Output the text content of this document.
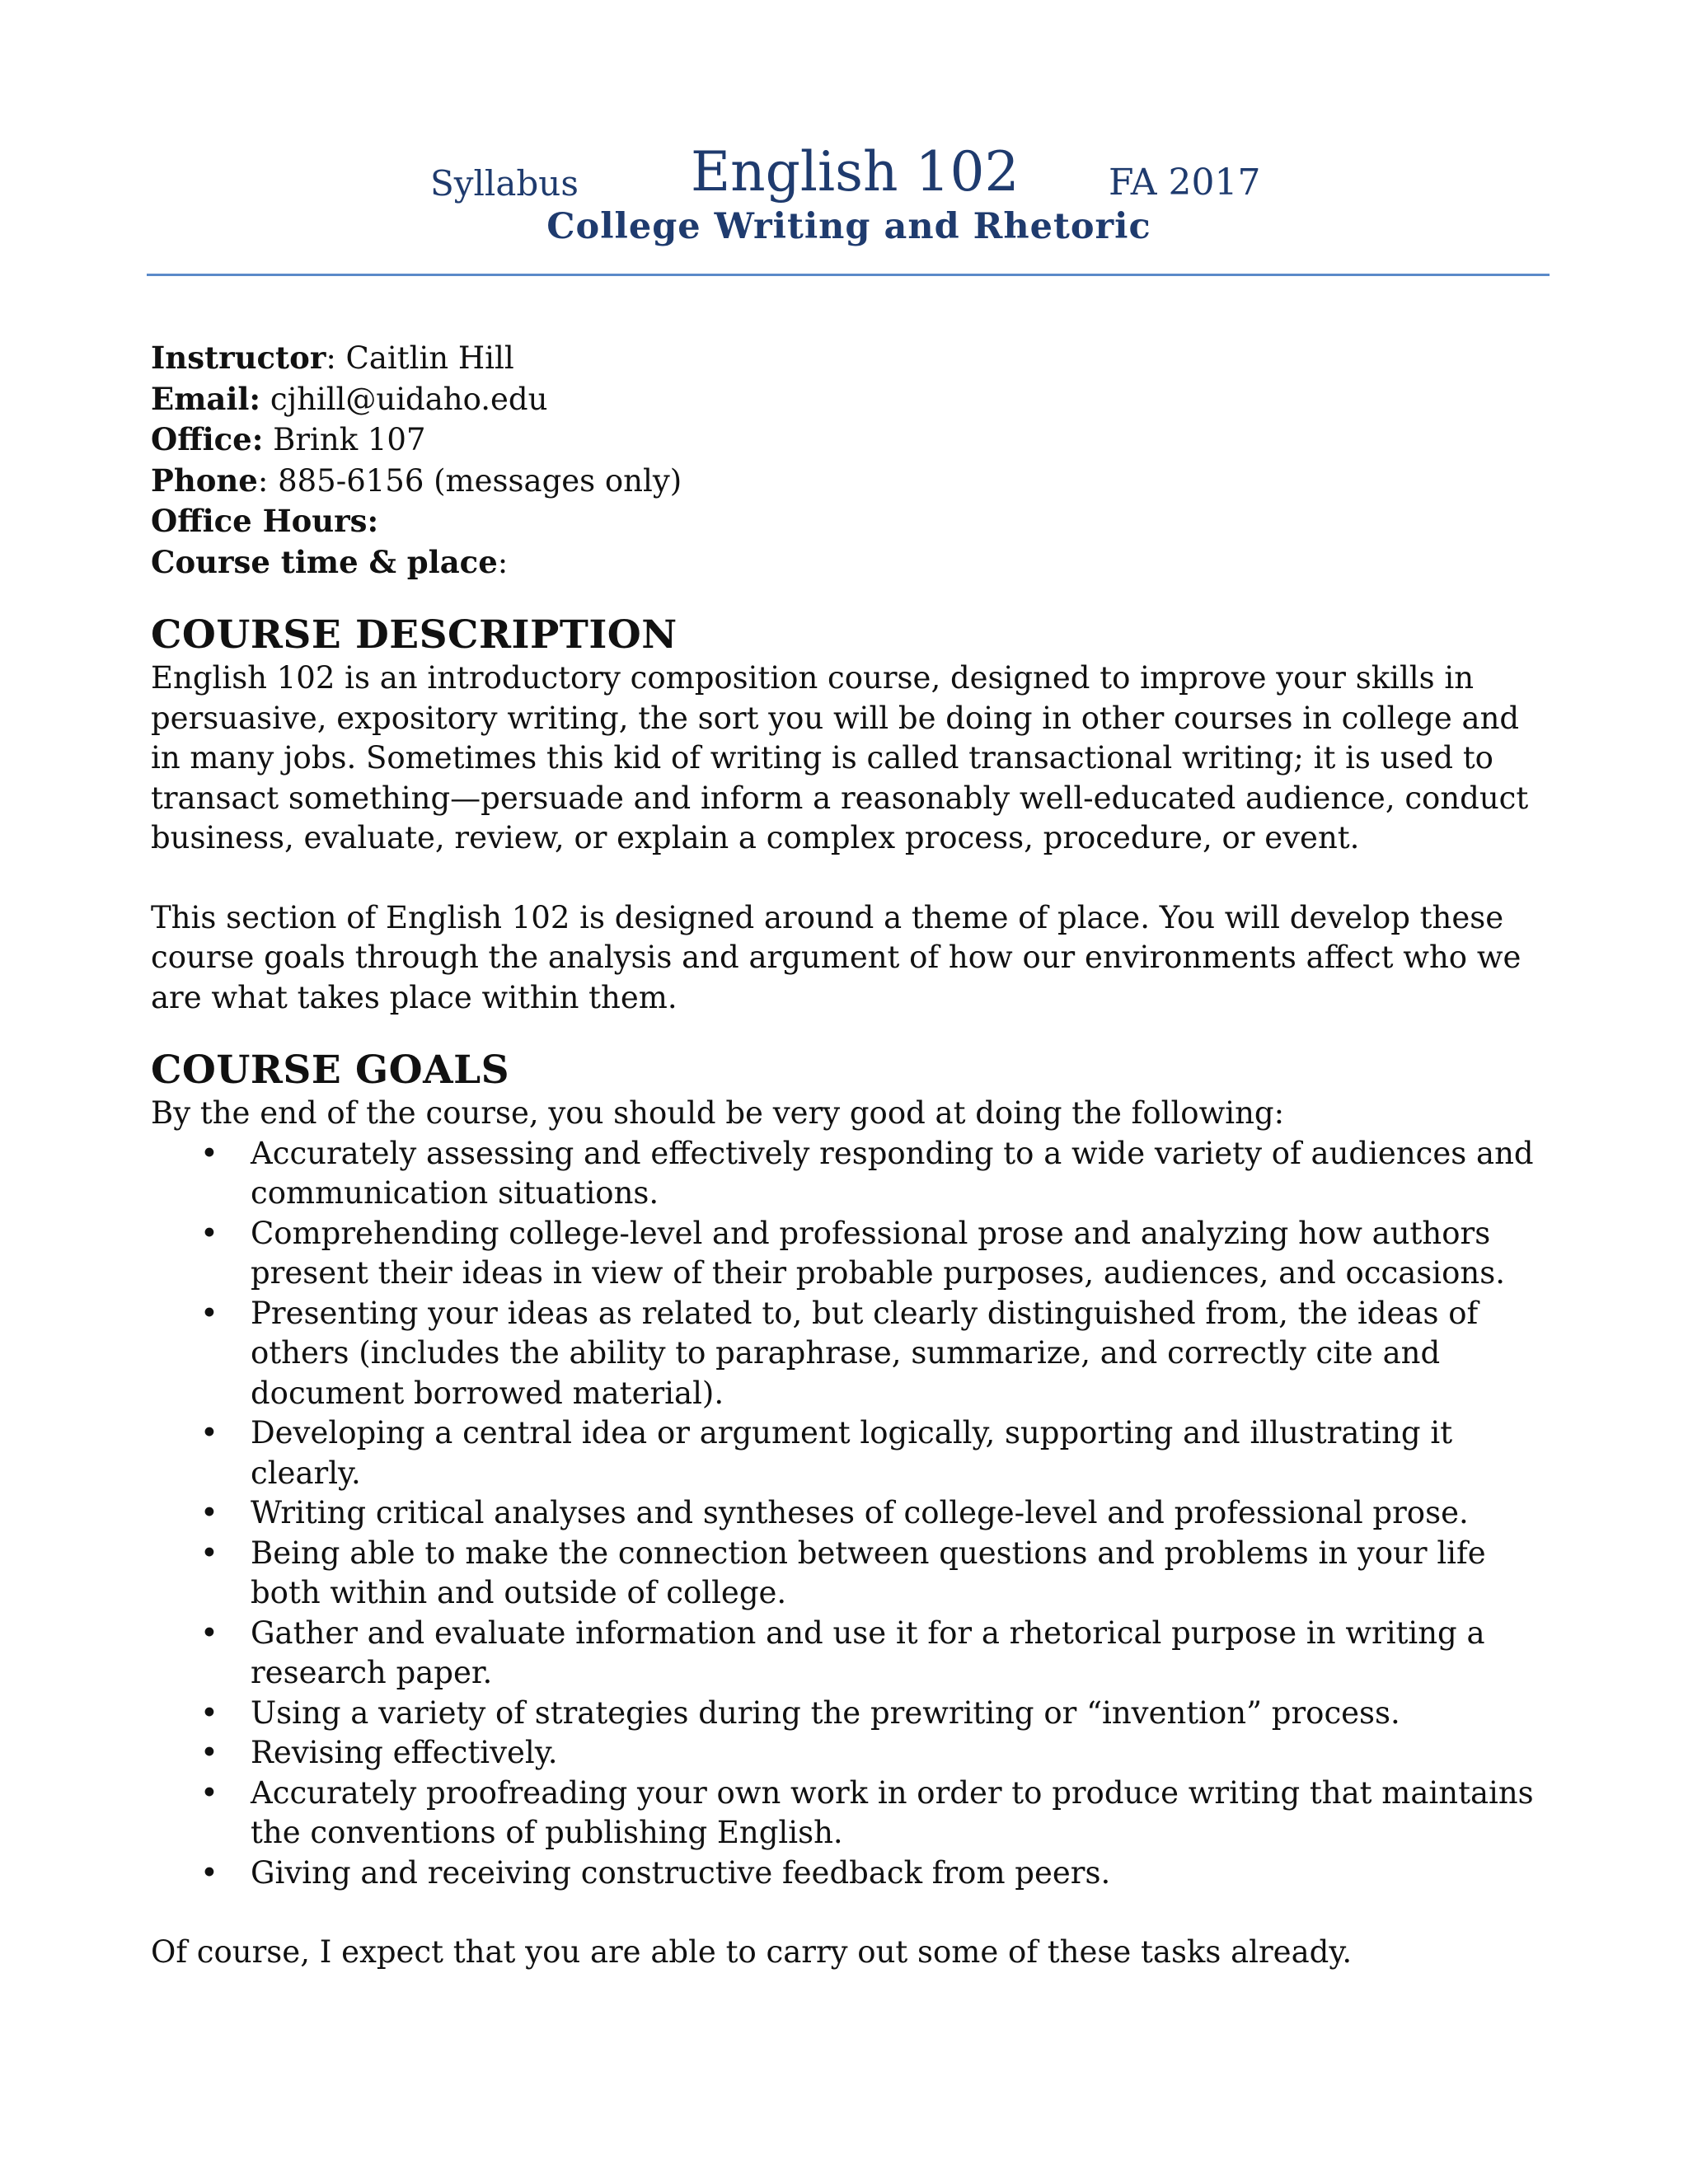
Syllabus English 102 FA 2017
College Writing and Rhetoric

Instructor: Caitlin Hill

Email: cjhill@uidaho.edu

Office: Brink 107

Phone: 885-6156 (messages only)

Office Hours:

Course time & place:

COURSE DESCRIPTION

English 102 is an introductory composition course, designed to improve your skills in persuasive, expository writing, the sort you will be doing in other courses in college and in many jobs. Sometimes this kid of writing is called transactional writing; it is used to transact something—persuade and inform a reasonably well-educated audience, conduct business, evaluate, review, or explain a complex process, procedure, or event.

This section of English 102 is designed around a theme of place. You will develop these course goals through the analysis and argument of how our environments affect who we are what takes place within them.

COURSE GOALS

By the end of the course, you should be very good at doing the following:

• Accurately assessing and effectively responding to a wide variety of audiences and communication situations.
• Comprehending college-level and professional prose and analyzing how authors present their ideas in view of their probable purposes, audiences, and occasions.
• Presenting your ideas as related to, but clearly distinguished from, the ideas of others (includes the ability to paraphrase, summarize, and correctly cite and document borrowed material).
• Developing a central idea or argument logically, supporting and illustrating it clearly.
• Writing critical analyses and syntheses of college-level and professional prose.
• Being able to make the connection between questions and problems in your life both within and outside of college.
• Gather and evaluate information and use it for a rhetorical purpose in writing a research paper.
• Using a variety of strategies during the prewriting or “invention” process.
• Revising effectively.
• Accurately proofreading your own work in order to produce writing that maintains the conventions of publishing English.
• Giving and receiving constructive feedback from peers.

Of course, I expect that you are able to carry out some of these tasks already.
